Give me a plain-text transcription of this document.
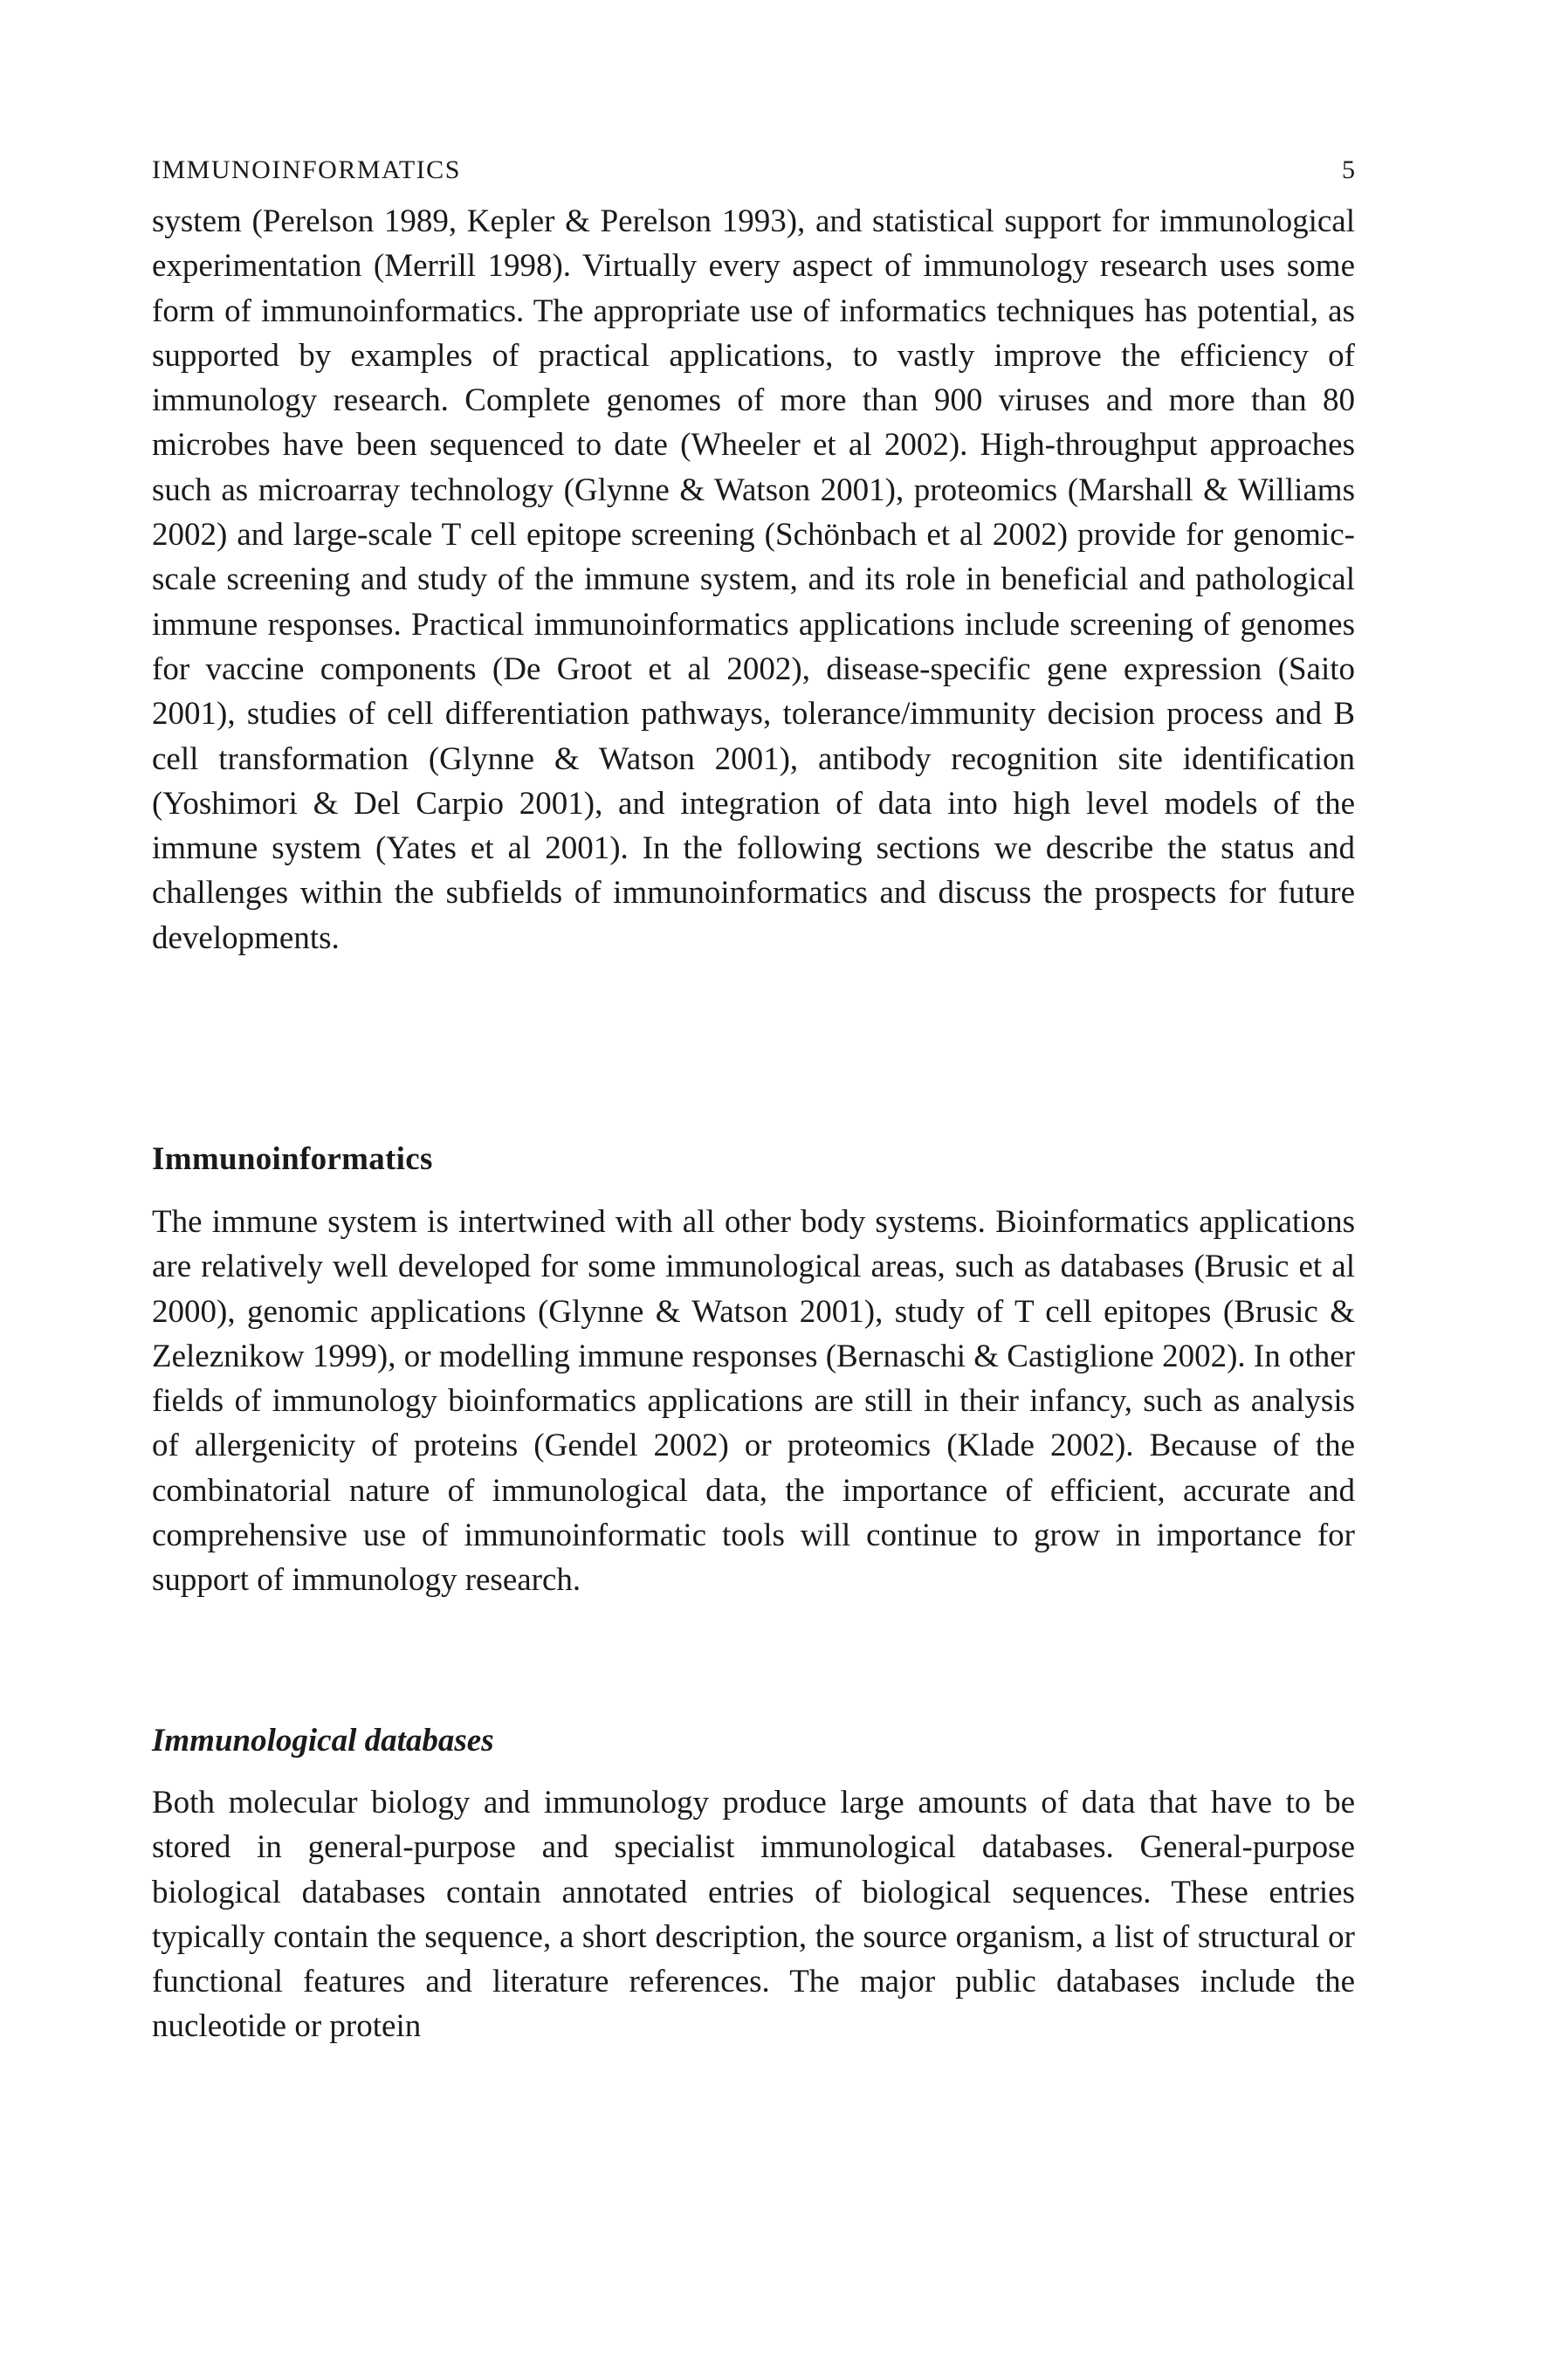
IMMUNOINFORMATICS	5

system (Perelson 1989, Kepler & Perelson 1993), and statistical support for immunological experimentation (Merrill 1998). Virtually every aspect of immunology research uses some form of immunoinformatics. The appropriate use of informatics techniques has potential, as supported by examples of practical applications, to vastly improve the efficiency of immunology research. Complete genomes of more than 900 viruses and more than 80 microbes have been sequenced to date (Wheeler et al 2002). High-throughput approaches such as microarray technology (Glynne & Watson 2001), proteomics (Marshall & Williams 2002) and large-scale T cell epitope screening (Schönbach et al 2002) provide for genomic-scale screening and study of the immune system, and its role in beneficial and pathological immune responses. Practical immunoinformatics applications include screening of genomes for vaccine components (De Groot et al 2002), disease-specific gene expression (Saito 2001), studies of cell differentiation pathways, tolerance/immunity decision process and B cell transformation (Glynne & Watson 2001), antibody recognition site identification (Yoshimori & Del Carpio 2001), and integration of data into high level models of the immune system (Yates et al 2001). In the following sections we describe the status and challenges within the subfields of immunoinformatics and discuss the prospects for future developments.

Immunoinformatics

The immune system is intertwined with all other body systems. Bioinformatics applications are relatively well developed for some immunological areas, such as databases (Brusic et al 2000), genomic applications (Glynne & Watson 2001), study of T cell epitopes (Brusic & Zeleznikow 1999), or modelling immune responses (Bernaschi & Castiglione 2002). In other fields of immunology bioinformatics applications are still in their infancy, such as analysis of allergenicity of proteins (Gendel 2002) or proteomics (Klade 2002). Because of the combinatorial nature of immunological data, the importance of efficient, accurate and comprehensive use of immunoinformatic tools will continue to grow in importance for support of immunology research.

Immunological databases

Both molecular biology and immunology produce large amounts of data that have to be stored in general-purpose and specialist immunological databases. General-purpose biological databases contain annotated entries of biological sequences. These entries typically contain the sequence, a short description, the source organism, a list of structural or functional features and literature references. The major public databases include the nucleotide or protein
